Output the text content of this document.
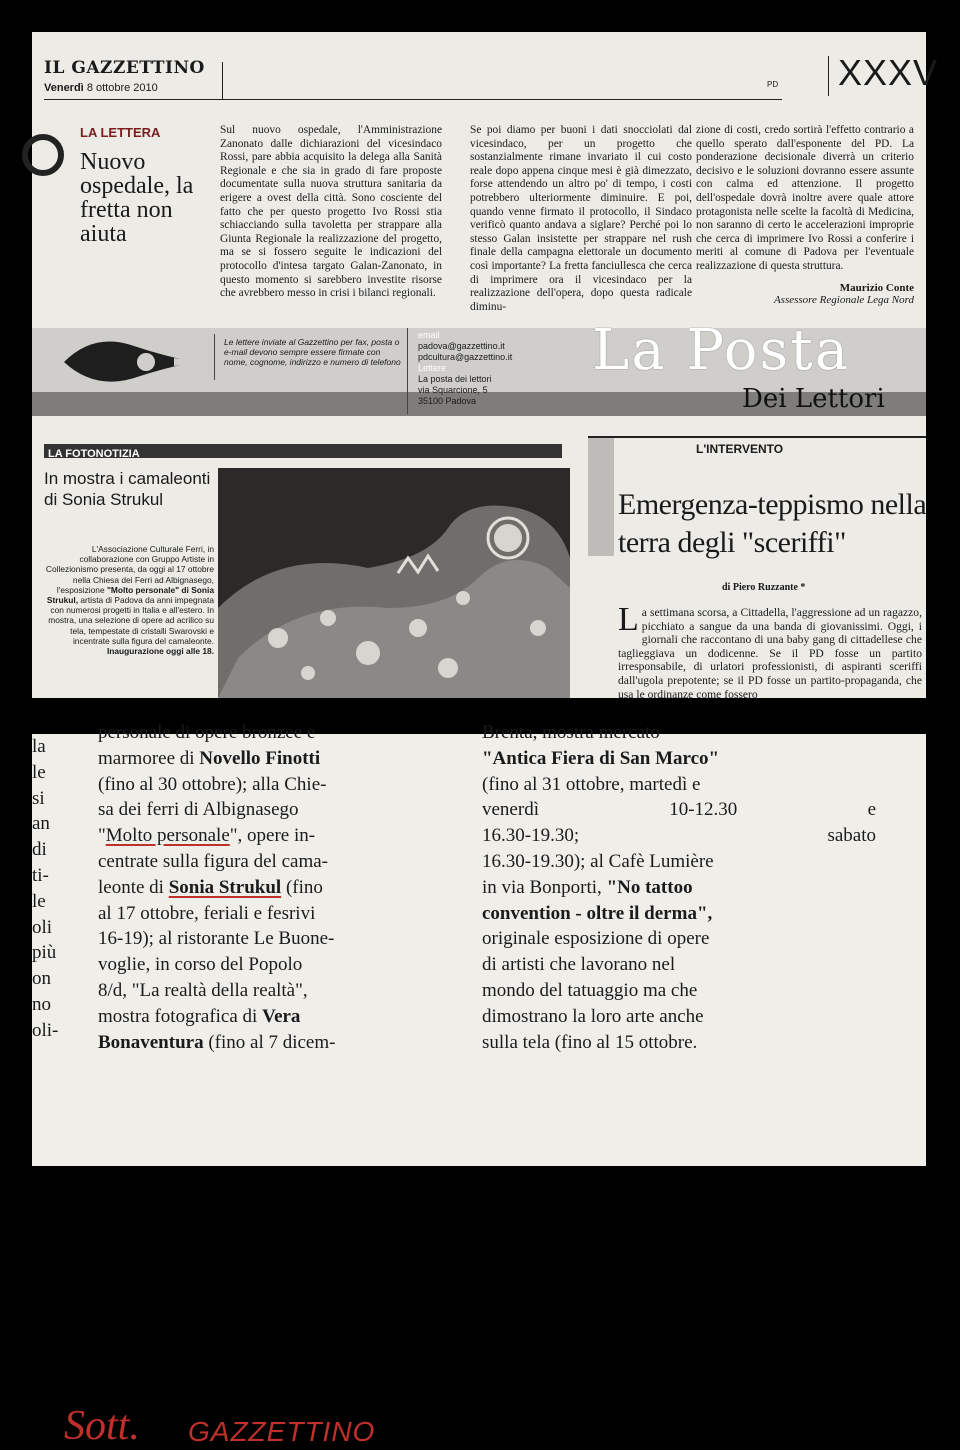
IL GAZZETTINO
Venerdì 8 ottobre 2010	PD XXXV
LA LETTERA
Nuovo ospedale, la fretta non aiuta
Sul nuovo ospedale, l'Amministrazione Zanonato dalle dichiarazioni del vicesindaco Rossi, pare abbia acquisito la delega alla Sanità Regionale e che sia in grado di fare proposte documentate sulla nuova struttura sanitaria da erigere a ovest della città. Sono cosciente del fatto che per questo progetto Ivo Rossi stia schiacciando sulla tavoletta per strappare alla Giunta Regionale la realizzazione del progetto, ma se si fossero seguite le indicazioni del protocollo d'intesa targato Galan-Zanonato, in questo momento si sarebbero investite risorse che avrebbero messo in crisi i bilanci regionali.
Se poi diamo per buoni i dati snocciolati dal vicesindaco, per un progetto che sostanzialmente rimane invariato il cui costo reale dopo appena cinque mesi è già dimezzato, forse attendendo un altro po' di tempo, i costi potrebbero ulteriormente diminuire. E poi, quando venne firmato il protocollo, il Sindaco verificò quanto andava a siglare? Perché poi lo stesso Galan insistette per strappare nel rush finale della campagna elettorale un documento così importante? La fretta fanciullesca che cerca di imprimere ora il vicesindaco per la realizzazione dell'opera, dopo questa radicale diminu-
zione di costi, credo sortirà l'effetto contrario a quello sperato dall'esponente del PD. La ponderazione decisionale diverrà un criterio decisivo e le soluzioni dovranno essere assunte con calma ed attenzione. Il progetto dell'ospedale dovrà inoltre avere quale attore protagonista nelle scelte la facoltà di Medicina, non saranno di certo le accelerazioni improprie che cerca di imprimere Ivo Rossi a conferire i meriti al comune di Padova per l'eventuale realizzazione di questa struttura.
Maurizio Conte
Assessore Regionale Lega Nord
Le lettere inviate al Gazzettino per fax, posta o e-mail devono sempre essere firmate con nome, cognome, indirizzo e numero di telefono
email
padova@gazzettino.it
pdcultura@gazzettino.it
Lettere
La posta dei lettori
via Squarcione, 5
35100 Padova
La Posta
Dei Lettori
LA FOTONOTIZIA
In mostra i camaleonti di Sonia Strukul
L'Associazione Culturale Ferri, in collaborazione con Gruppo Artiste in Collezionismo presenta, da oggi al 17 ottobre nella Chiesa dei Ferri ad Albignasego, l'esposizione "Molto personale" di Sonia Strukul, artista di Padova da anni impegnata con numerosi progetti in Italia e all'estero. In mostra, una selezione di opere ad acrilico su tela, tempestate di cristalli Swarovski e incentrate sulla figura del camaleonte. Inaugurazione oggi alle 18.
L'INTERVENTO
Emergenza-teppismo nella terra degli "sceriffi"
di Piero Ruzzante *
La settimana scorsa, a Cittadella, l'aggressione ad un ragazzo, picchiato a sangue da una banda di giovanissimi. Oggi, i giornali che raccontano di una baby gang di cittadellese che taglieggiava un dodicenne. Se il PD fosse un partito irresponsabile, di urlatori professionisti, di aspiranti sceriffi dall'ugola prepotente; se il PD fosse un partito-propaganda, che usa le ordinanze come fossero
la
le
si
an
di
ti-
le
oli
più
on
no
oli-
personale di opere bronzee e
marmoree di Novello Finotti
(fino al 30 ottobre); alla Chie-
sa dei ferri di Albignasego
"Molto personale", opere in-
centrate sulla figura del cama-
leonte di Sonia Strukul (fino
al 17 ottobre, feriali e fesrivi
16-19); al ristorante Le Buone-
voglie, in corso del Popolo
8/d, "La realtà della realtà",
mostra fotografica di Vera
Bonaventura (fino al 7 dicem-
Brenta, mostra mercato
"Antica Fiera di San Marco"
(fino al 31 ottobre, martedì e
venerdì	10-12.30	e
16.30-19.30;	sabato
16.30-19.30); al Cafè Lumière
in via Bonporti, "No tattoo
convention - oltre il derma",
originale esposizione di opere
di artisti che lavorano nel
mondo del tatuaggio ma che
dimostrano la loro arte anche
sulla tela (fino al 15 ottobre.
Sott. GAZZETTINO
